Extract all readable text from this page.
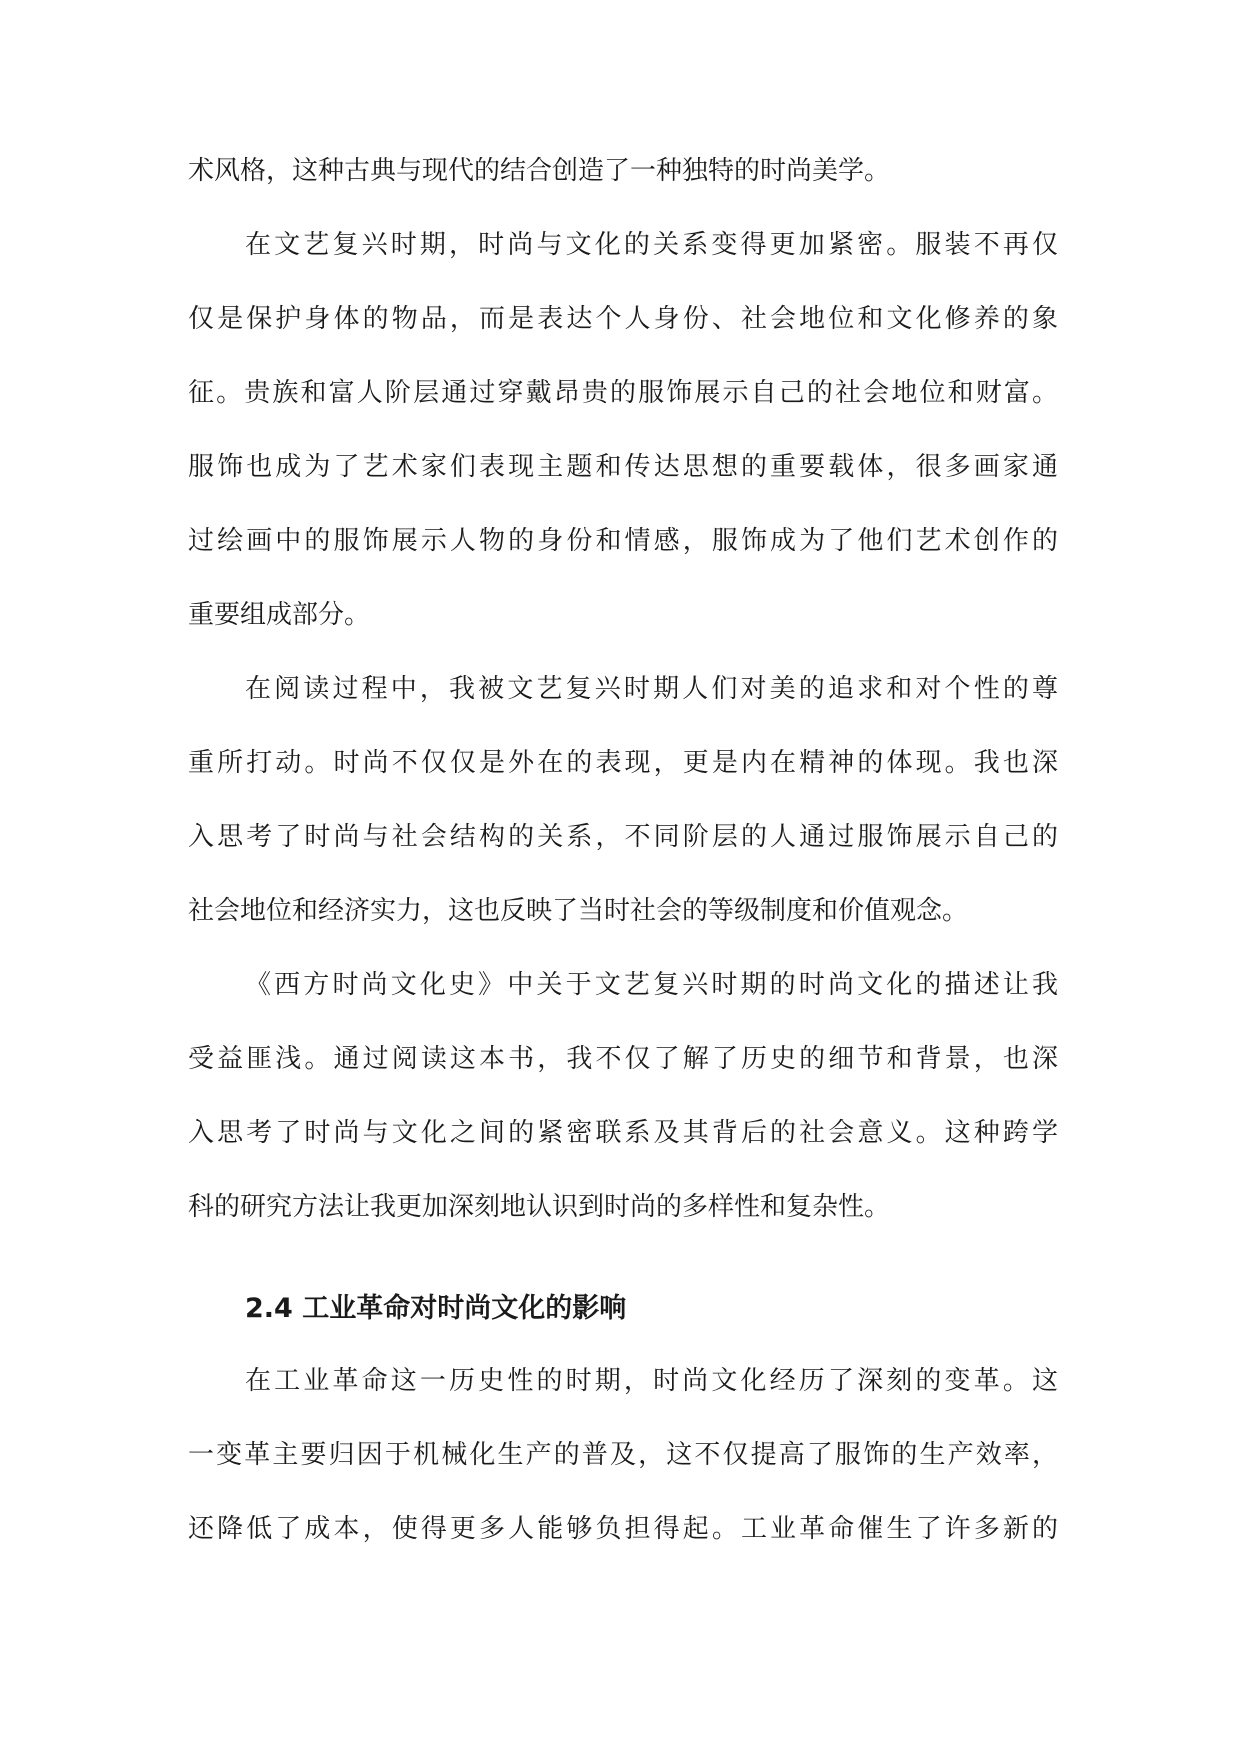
术风格，这种古典与现代的结合创造了一种独特的时尚美学。
在文艺复兴时期，时尚与文化的关系变得更加紧密。服装不再仅
仅是保护身体的物品，而是表达个人身份、社会地位和文化修养的象
征。贵族和富人阶层通过穿戴昂贵的服饰展示自己的社会地位和财富。
服饰也成为了艺术家们表现主题和传达思想的重要载体，很多画家通
过绘画中的服饰展示人物的身份和情感，服饰成为了他们艺术创作的
重要组成部分。
在阅读过程中，我被文艺复兴时期人们对美的追求和对个性的尊
重所打动。时尚不仅仅是外在的表现，更是内在精神的体现。我也深
入思考了时尚与社会结构的关系，不同阶层的人通过服饰展示自己的
社会地位和经济实力，这也反映了当时社会的等级制度和价值观念。
《西方时尚文化史》中关于文艺复兴时期的时尚文化的描述让我
受益匪浅。通过阅读这本书，我不仅了解了历史的细节和背景，也深
入思考了时尚与文化之间的紧密联系及其背后的社会意义。这种跨学
科的研究方法让我更加深刻地认识到时尚的多样性和复杂性。
2.4 工业革命对时尚文化的影响
在工业革命这一历史性的时期，时尚文化经历了深刻的变革。这
一变革主要归因于机械化生产的普及，这不仅提高了服饰的生产效率，
还降低了成本，使得更多人能够负担得起。工业革命催生了许多新的
